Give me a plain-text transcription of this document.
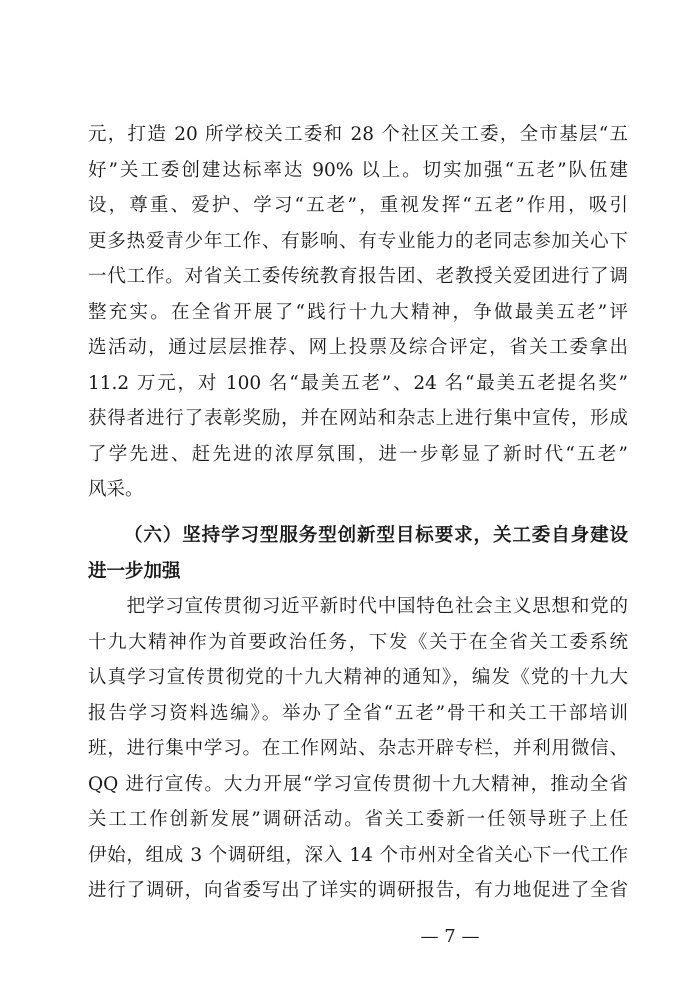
元，打造 20 所学校关工委和 28 个社区关工委，全市基层“五
好”关工委创建达标率达 90% 以上。切实加强“五老”队伍建
设，尊重、爱护、学习“五老”，重视发挥“五老”作用，吸引
更多热爱青少年工作、有影响、有专业能力的老同志参加关心下
一代工作。对省关工委传统教育报告团、老教授关爱团进行了调
整充实。在全省开展了“践行十九大精神，争做最美五老”评
选活动，通过层层推荐、网上投票及综合评定，省关工委拿出
11.2 万元，对 100 名“最美五老”、24 名“最美五老提名奖”
获得者进行了表彰奖励，并在网站和杂志上进行集中宣传，形成
了学先进、赶先进的浓厚氛围，进一步彰显了新时代“五老”
风采。
（六）坚持学习型服务型创新型目标要求，关工委自身建设
进一步加强
　　把学习宣传贯彻习近平新时代中国特色社会主义思想和党的
十九大精神作为首要政治任务，下发《关于在全省关工委系统
认真学习宣传贯彻党的十九大精神的通知》，编发《党的十九大
报告学习资料选编》。举办了全省“五老”骨干和关工干部培训
班，进行集中学习。在工作网站、杂志开辟专栏，并利用微信、
QQ 进行宣传。大力开展“学习宣传贯彻十九大精神，推动全省
关工工作创新发展”调研活动。省关工委新一任领导班子上任
伊始，组成 3 个调研组，深入 14 个市州对全省关心下一代工作
进行了调研，向省委写出了详实的调研报告，有力地促进了全省
— 7 —
